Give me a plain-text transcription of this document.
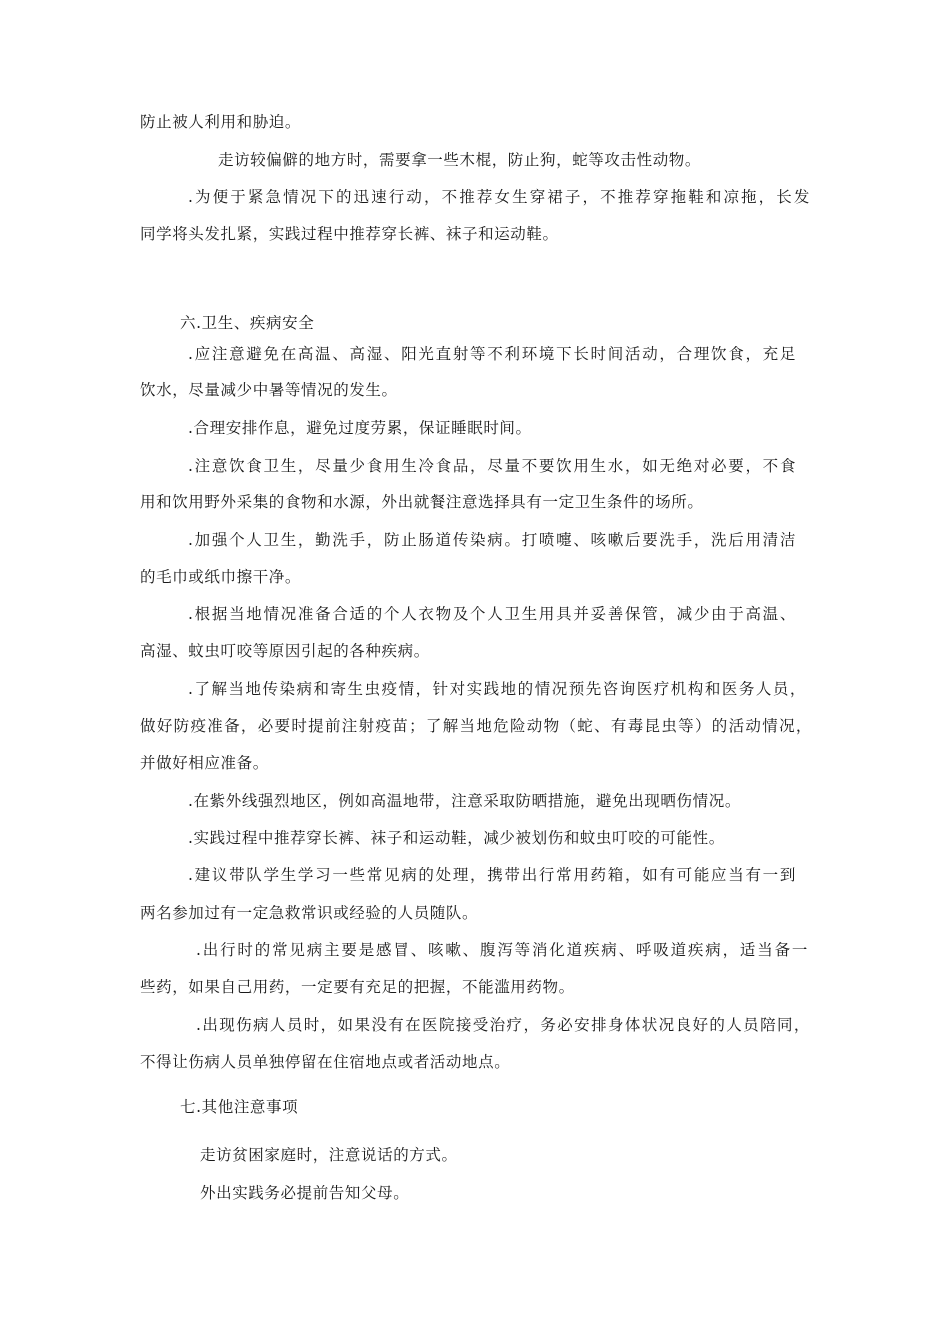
防止被人利用和胁迫。
走访较偏僻的地方时，需要拿一些木棍，防止狗，蛇等攻击性动物。
.为便于紧急情况下的迅速行动，不推荐女生穿裙子，不推荐穿拖鞋和凉拖，长发
同学将头发扎紧，实践过程中推荐穿长裤、袜子和运动鞋。
六.卫生、疾病安全
.应注意避免在高温、高湿、阳光直射等不利环境下长时间活动，合理饮食，充足
饮水，尽量减少中暑等情况的发生。
.合理安排作息，避免过度劳累，保证睡眠时间。
.注意饮食卫生，尽量少食用生冷食品，尽量不要饮用生水，如无绝对必要，不食
用和饮用野外采集的食物和水源，外出就餐注意选择具有一定卫生条件的场所。
.加强个人卫生，勤洗手，防止肠道传染病。打喷嚏、咳嗽后要洗手，洗后用清洁
的毛巾或纸巾擦干净。
.根据当地情况准备合适的个人衣物及个人卫生用具并妥善保管，减少由于高温、
高湿、蚊虫叮咬等原因引起的各种疾病。
.了解当地传染病和寄生虫疫情，针对实践地的情况预先咨询医疗机构和医务人员，
做好防疫准备，必要时提前注射疫苗；了解当地危险动物（蛇、有毒昆虫等）的活动情况，
并做好相应准备。
.在紫外线强烈地区，例如高温地带，注意采取防晒措施，避免出现晒伤情况。
.实践过程中推荐穿长裤、袜子和运动鞋，减少被划伤和蚊虫叮咬的可能性。
.建议带队学生学习一些常见病的处理，携带出行常用药箱，如有可能应当有一到
两名参加过有一定急救常识或经验的人员随队。
.出行时的常见病主要是感冒、咳嗽、腹泻等消化道疾病、呼吸道疾病，适当备一
些药，如果自己用药，一定要有充足的把握，不能滥用药物。
.出现伤病人员时，如果没有在医院接受治疗，务必安排身体状况良好的人员陪同，
不得让伤病人员单独停留在住宿地点或者活动地点。
七.其他注意事项
走访贫困家庭时，注意说话的方式。
外出实践务必提前告知父母。
